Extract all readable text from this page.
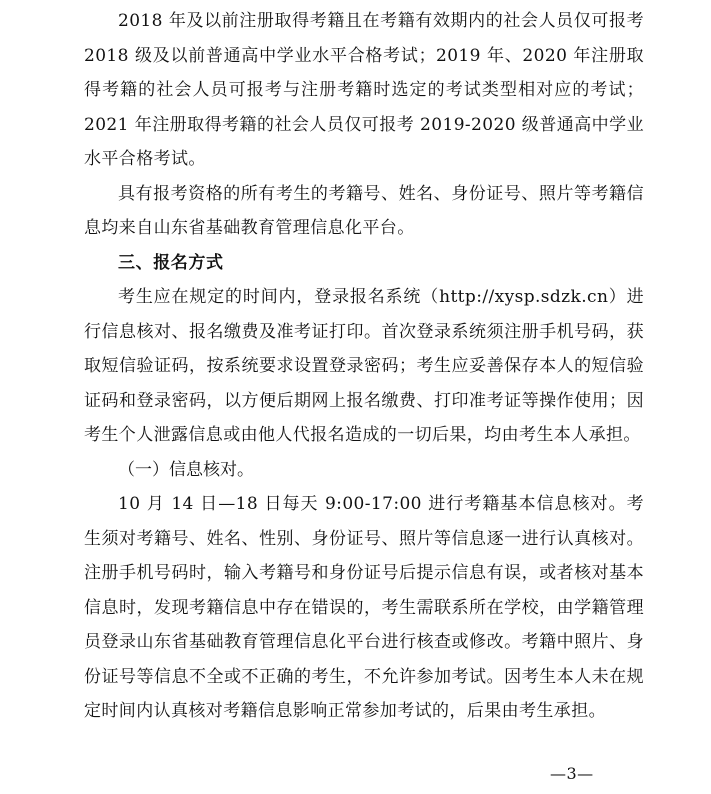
2018 年及以前注册取得考籍且在考籍有效期内的社会人员仅可报考 2018 级及以前普通高中学业水平合格考试；2019 年、2020 年注册取得考籍的社会人员可报考与注册考籍时选定的考试类型相对应的考试；2021 年注册取得考籍的社会人员仅可报考 2019-2020 级普通高中学业水平合格考试。

具有报考资格的所有考生的考籍号、姓名、身份证号、照片等考籍信息均来自山东省基础教育管理信息化平台。

三、报名方式

考生应在规定的时间内，登录报名系统（http://xysp.sdzk.cn）进行信息核对、报名缴费及准考证打印。首次登录系统须注册手机号码，获取短信验证码，按系统要求设置登录密码；考生应妥善保存本人的短信验证码和登录密码，以方便后期网上报名缴费、打印准考证等操作使用；因考生个人泄露信息或由他人代报名造成的一切后果，均由考生本人承担。

（一）信息核对。

10 月 14 日—18 日每天 9:00-17:00 进行考籍基本信息核对。考生须对考籍号、姓名、性别、身份证号、照片等信息逐一进行认真核对。注册手机号码时，输入考籍号和身份证号后提示信息有误，或者核对基本信息时，发现考籍信息中存在错误的，考生需联系所在学校，由学籍管理员登录山东省基础教育管理信息化平台进行核查或修改。考籍中照片、身份证号等信息不全或不正确的考生，不允许参加考试。因考生本人未在规定时间内认真核对考籍信息影响正常参加考试的，后果由考生承担。

—3—
